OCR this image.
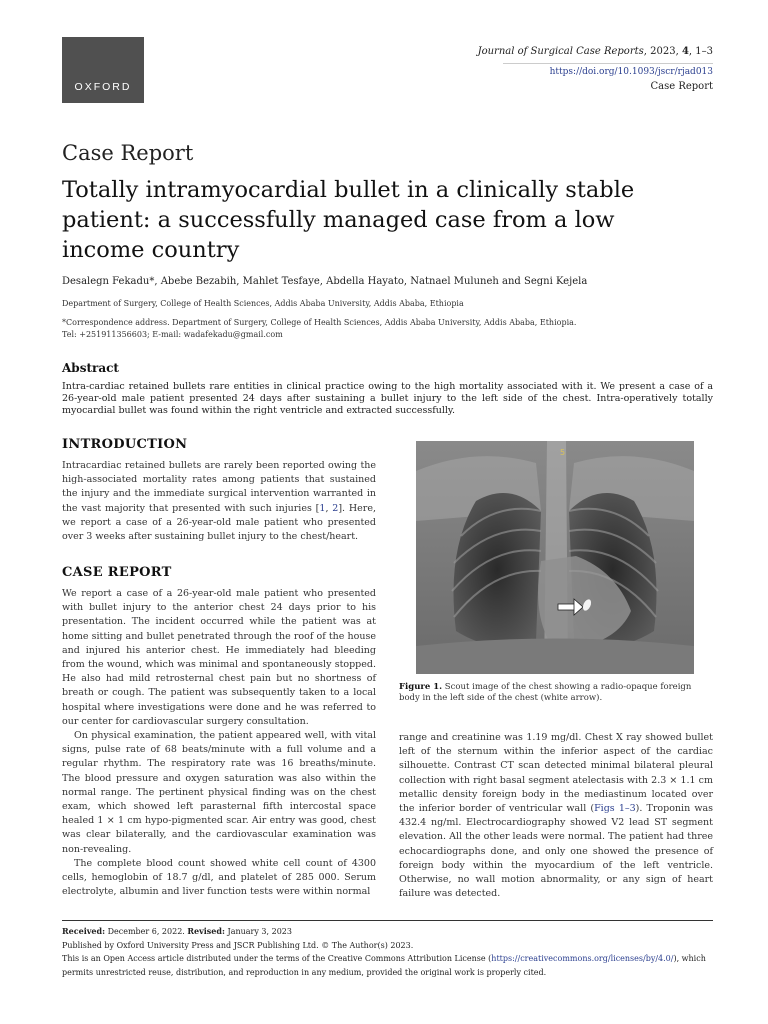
OXFORD
Journal of Surgical Case Reports, 2023, 4, 1–3
https://doi.org/10.1093/jscr/rjad013
Case Report
Case Report
Totally intramyocardial bullet in a clinically stable patient: a successfully managed case from a low income country
Desalegn Fekadu*, Abebe Bezabih, Mahlet Tesfaye, Abdella Hayato, Natnael Muluneh and Segni Kejela
Department of Surgery, College of Health Sciences, Addis Ababa University, Addis Ababa, Ethiopia
*Correspondence address. Department of Surgery, College of Health Sciences, Addis Ababa University, Addis Ababa, Ethiopia.
Tel: +251911356603; E-mail: wadafekadu@gmail.com
Abstract
Intra-cardiac retained bullets rare entities in clinical practice owing to the high mortality associated with it. We present a case of a 26-year-old male patient presented 24 days after sustaining a bullet injury to the left side of the chest. Intra-operatively totally myocardial bullet was found within the right ventricle and extracted successfully.
INTRODUCTION

Intracardiac retained bullets are rarely been reported owing the high-associated mortality rates among patients that sustained the injury and the immediate surgical intervention warranted in the vast majority that presented with such injuries [1, 2]. Here, we report a case of a 26-year-old male patient who presented over 3 weeks after sustaining bullet injury to the chest/heart.

CASE REPORT

We report a case of a 26-year-old male patient who presented with bullet injury to the anterior chest 24 days prior to his presentation. The incident occurred while the patient was at home sitting and bullet penetrated through the roof of the house and injured his anterior chest. He immediately had bleeding from the wound, which was minimal and spontaneously stopped. He also had mild retrosternal chest pain but no shortness of breath or cough. The patient was subsequently taken to a local hospital where investigations were done and he was referred to our center for cardiovascular surgery consultation.

On physical examination, the patient appeared well, with vital signs, pulse rate of 68 beats/minute with a full volume and a regular rhythm. The respiratory rate was 16 breaths/minute. The blood pressure and oxygen saturation was also within the normal range. The pertinent physical finding was on the chest exam, which showed left parasternal fifth intercostal space healed 1 × 1 cm hypo-pigmented scar. Air entry was good, chest was clear bilaterally, and the cardiovascular examination was non-revealing.

The complete blood count showed white cell count of 4300 cells, hemoglobin of 18.7 g/dl, and platelet of 285 000. Serum electrolyte, albumin and liver function tests were within normal

5
Figure 1. Scout image of the chest showing a radio-opaque foreign body in the left side of the chest (white arrow).

range and creatinine was 1.19 mg/dl. Chest X ray showed bullet left of the sternum within the inferior aspect of the cardiac silhouette. Contrast CT scan detected minimal bilateral pleural collection with right basal segment atelectasis with 2.3 × 1.1 cm metallic density foreign body in the mediastinum located over the inferior border of ventricular wall (Figs 1–3). Troponin was 432.4 ng/ml. Electrocardiography showed V2 lead ST segment elevation. All the other leads were normal. The patient had three echocardiographs done, and only one showed the presence of foreign body within the myocardium of the left ventricle. Otherwise, no wall motion abnormality, or any sign of heart failure was detected.

Received: December 6, 2022. Revised: January 3, 2023
Published by Oxford University Press and JSCR Publishing Ltd. © The Author(s) 2023.
This is an Open Access article distributed under the terms of the Creative Commons Attribution License (https://creativecommons.org/licenses/by/4.0/), which permits unrestricted reuse, distribution, and reproduction in any medium, provided the original work is properly cited.
